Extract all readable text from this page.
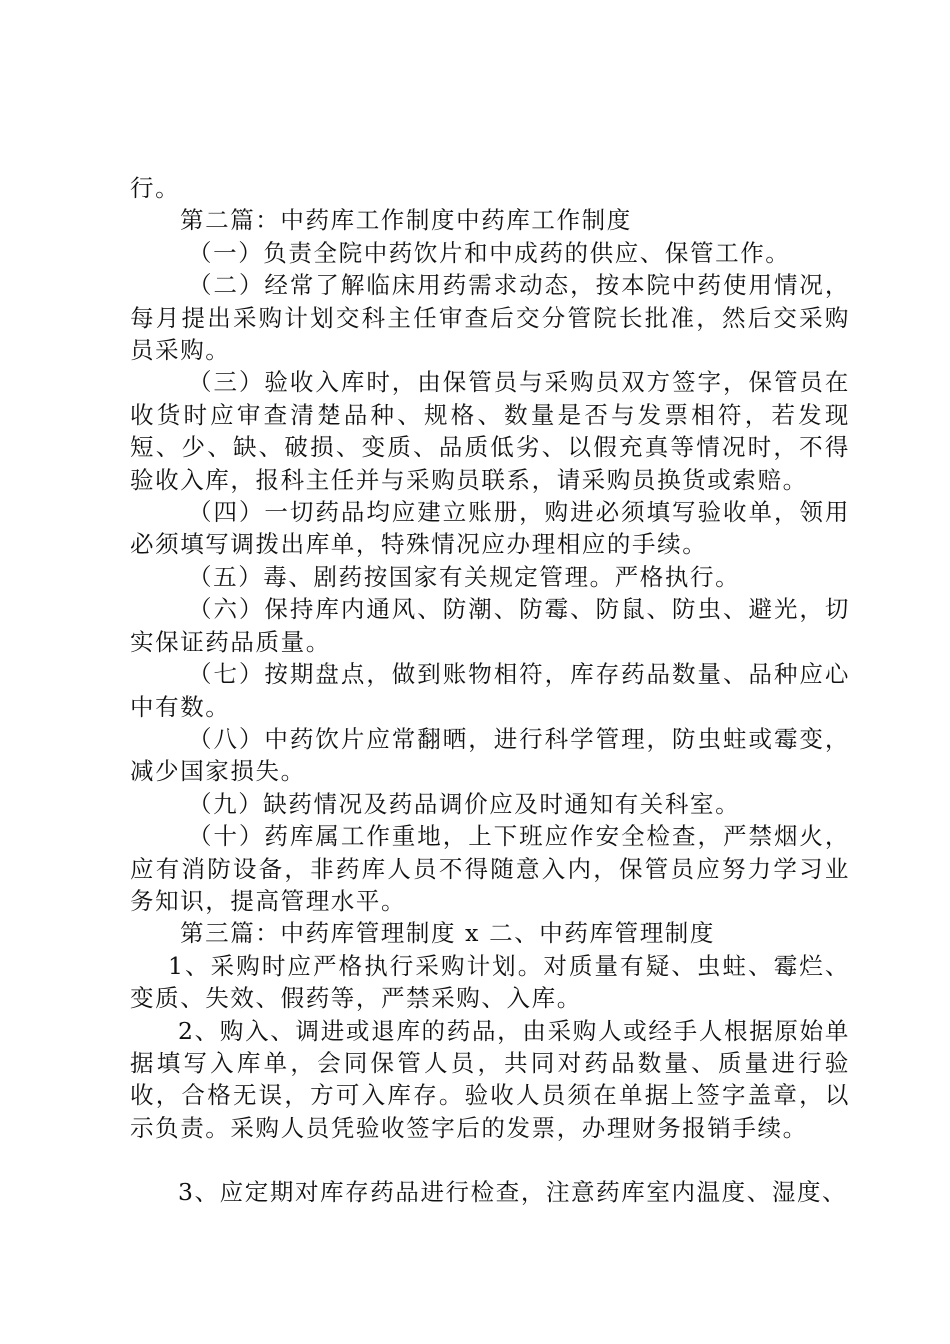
行。

第二篇：中药库工作制度中药库工作制度

（一）负责全院中药饮片和中成药的供应、保管工作。

（二）经常了解临床用药需求动态，按本院中药使用情况，每月提出采购计划交科主任审查后交分管院长批准，然后交采购员采购。

（三）验收入库时，由保管员与采购员双方签字，保管员在收货时应审查清楚品种、规格、数量是否与发票相符，若发现短、少、缺、破损、变质、品质低劣、以假充真等情况时，不得验收入库，报科主任并与采购员联系，请采购员换货或索赔。

（四）一切药品均应建立账册，购进必须填写验收单，领用必须填写调拨出库单，特殊情况应办理相应的手续。

（五）毒、剧药按国家有关规定管理。严格执行。

（六）保持库内通风、防潮、防霉、防鼠、防虫、避光，切实保证药品质量。

（七）按期盘点，做到账物相符，库存药品数量、品种应心中有数。

（八）中药饮片应常翻晒，进行科学管理，防虫蛀或霉变，减少国家损失。

（九）缺药情况及药品调价应及时通知有关科室。

（十）药库属工作重地，上下班应作安全检查，严禁烟火，应有消防设备，非药库人员不得随意入内，保管员应努力学习业务知识，提高管理水平。

第三篇：中药库管理制度 x 二、中药库管理制度

1、采购时应严格执行采购计划。对质量有疑、虫蛀、霉烂、变质、失效、假药等，严禁采购、入库。

2、购入、调进或退库的药品，由采购人或经手人根据原始单据填写入库单，会同保管人员，共同对药品数量、质量进行验收，合格无误，方可入库存。验收人员须在单据上签字盖章，以示负责。采购人员凭验收签字后的发票，办理财务报销手续。

3、应定期对库存药品进行检查，注意药库室内温度、湿度、
